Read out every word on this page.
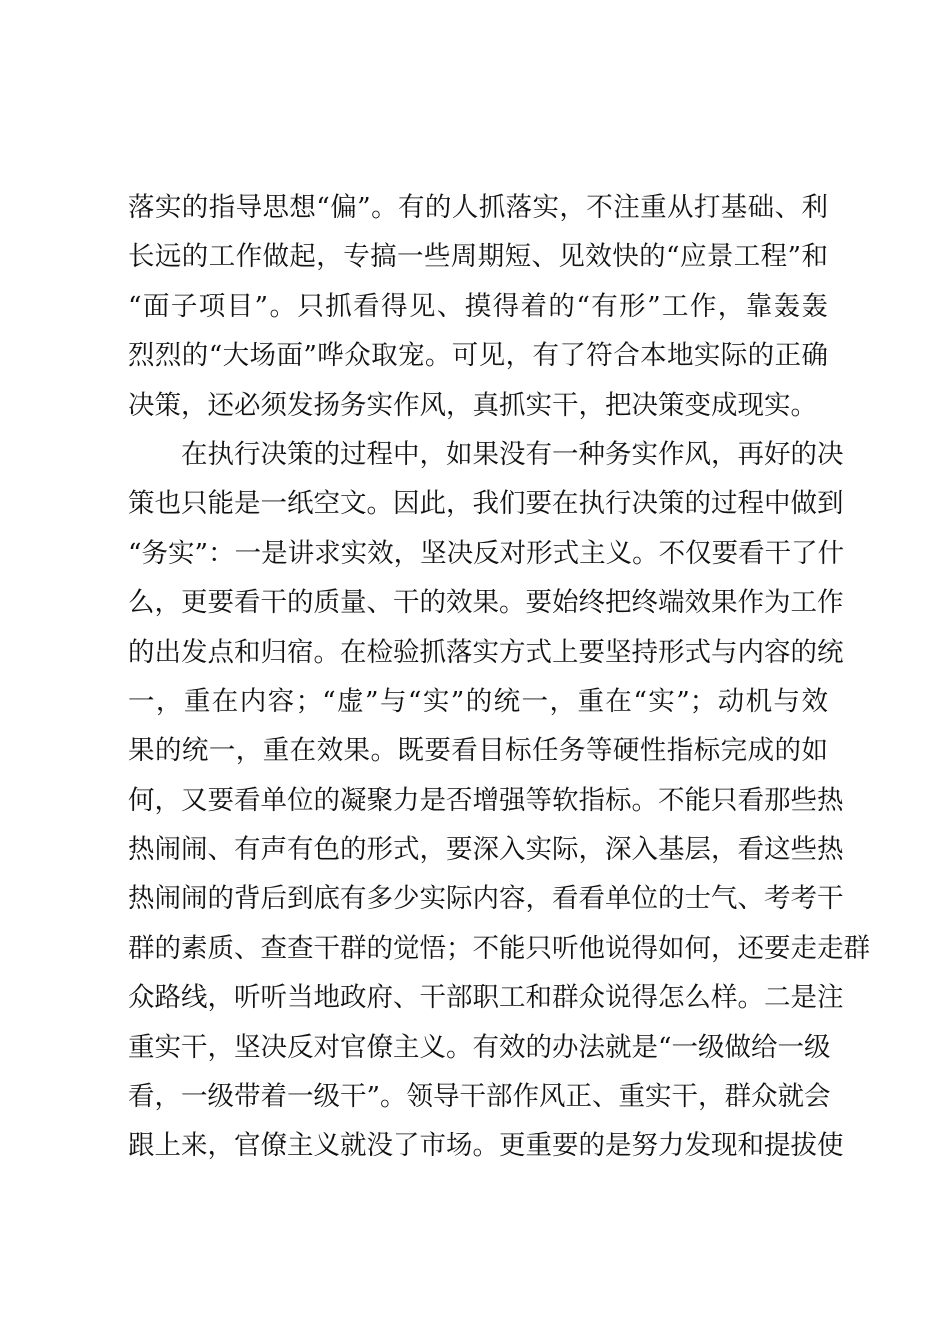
落实的指导思想“偏”。有的人抓落实，不注重从打基础、利
长远的工作做起，专搞一些周期短、见效快的“应景工程”和
“面子项目”。只抓看得见、摸得着的“有形”工作，靠轰轰
烈烈的“大场面”哗众取宠。可见，有了符合本地实际的正确
决策，还必须发扬务实作风，真抓实干，把决策变成现实。
在执行决策的过程中，如果没有一种务实作风，再好的决
策也只能是一纸空文。因此，我们要在执行决策的过程中做到
“务实”：一是讲求实效，坚决反对形式主义。不仅要看干了什
么，更要看干的质量、干的效果。要始终把终端效果作为工作
的出发点和归宿。在检验抓落实方式上要坚持形式与内容的统
一，重在内容；“虚”与“实”的统一，重在“实”；动机与效
果的统一，重在效果。既要看目标任务等硬性指标完成的如
何，又要看单位的凝聚力是否增强等软指标。不能只看那些热
热闹闹、有声有色的形式，要深入实际，深入基层，看这些热
热闹闹的背后到底有多少实际内容，看看单位的士气、考考干
群的素质、查查干群的觉悟；不能只听他说得如何，还要走走群
众路线，听听当地政府、干部职工和群众说得怎么样。二是注
重实干，坚决反对官僚主义。有效的办法就是“一级做给一级
看，一级带着一级干”。领导干部作风正、重实干，群众就会
跟上来，官僚主义就没了市场。更重要的是努力发现和提拔使
